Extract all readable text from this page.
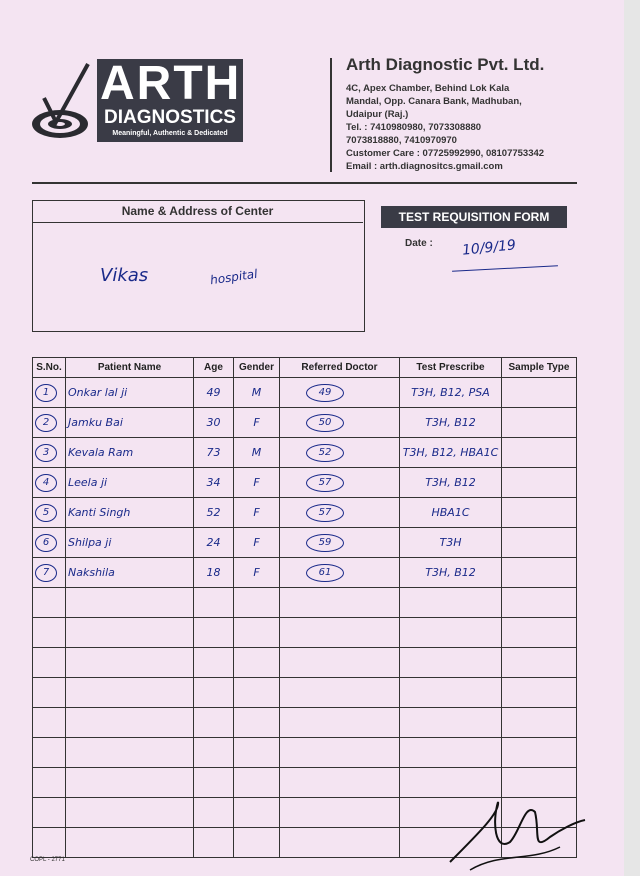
ARTH
DIAGNOSTICS
Meaningful, Authentic & Dedicated
Arth Diagnostic Pvt. Ltd.
4C, Apex Chamber, Behind Lok Kala
Mandal, Opp. Canara Bank, Madhuban,
Udaipur (Raj.)
Tel. : 7410980980, 7073308880
7073818880, 7410970970
Customer Care : 07725992990, 08107753342
Email : arth.diagnositcs.gmail.com
Name & Address of Center
Vikas	hospital
TEST REQUISITION FORM
Date : 10/9/19
S.No.	Patient Name	Age	Gender	Referred Doctor	Test Prescribe	Sample Type
1	Onkar lal ji	49	M	49	T3H, B12, PSA	
2	Jamku Bai	30	F	50	T3H, B12	
3	Kevala Ram	73	M	52	T3H, B12, HBA1C	
4	Leela ji	34	F	57	T3H, B12	
5	Kanti Singh	52	F	57	HBA1C	
6	Shilpa ji	24	F	59	T3H	
7	Nakshila	18	F	61	T3H, B12	

COPL - 2771
